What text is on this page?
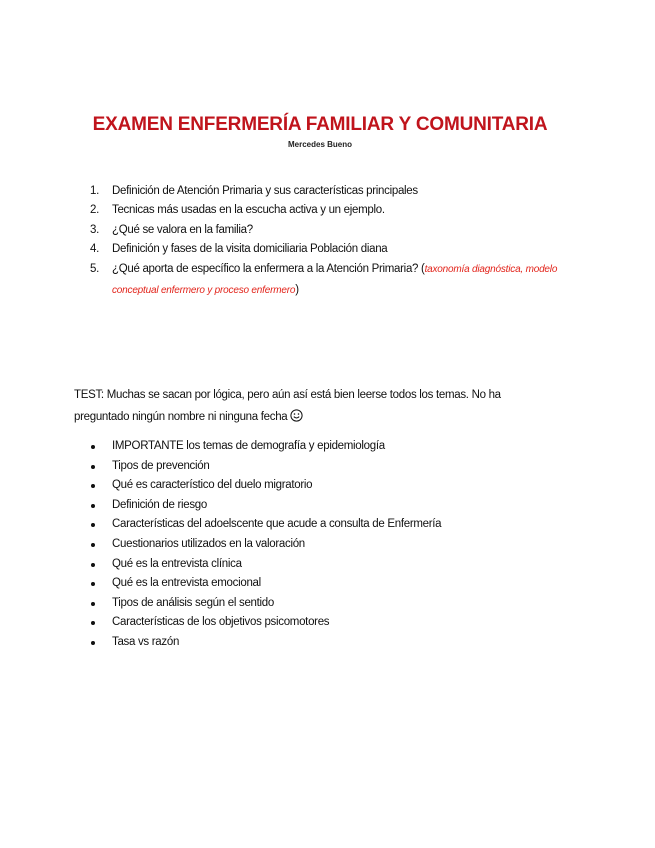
EXAMEN ENFERMERÍA FAMILIAR Y COMUNITARIA

Mercedes Bueno

1. Definición de Atención Primaria y sus características principales
2. Tecnicas más usadas en la escucha activa y un ejemplo.
3. ¿Qué se valora en la familia?
4. Definición y fases de la visita domiciliaria Población diana
5. ¿Qué aporta de específico la enfermera a la Atención Primaria? (taxonomía diagnóstica, modelo conceptual enfermero y proceso enfermero)

TEST: Muchas se sacan por lógica, pero aún así está bien leerse todos los temas. No ha preguntado ningún nombre ni ninguna fecha

IMPORTANTE los temas de demografía y epidemiología
Tipos de prevención
Qué es característico del duelo migratorio
Definición de riesgo
Características del adoelscente que acude a consulta de Enfermería
Cuestionarios utilizados en la valoración
Qué es la entrevista clínica
Qué es la entrevista emocional
Tipos de análisis según el sentido
Características de los objetivos psicomotores
Tasa vs razón
